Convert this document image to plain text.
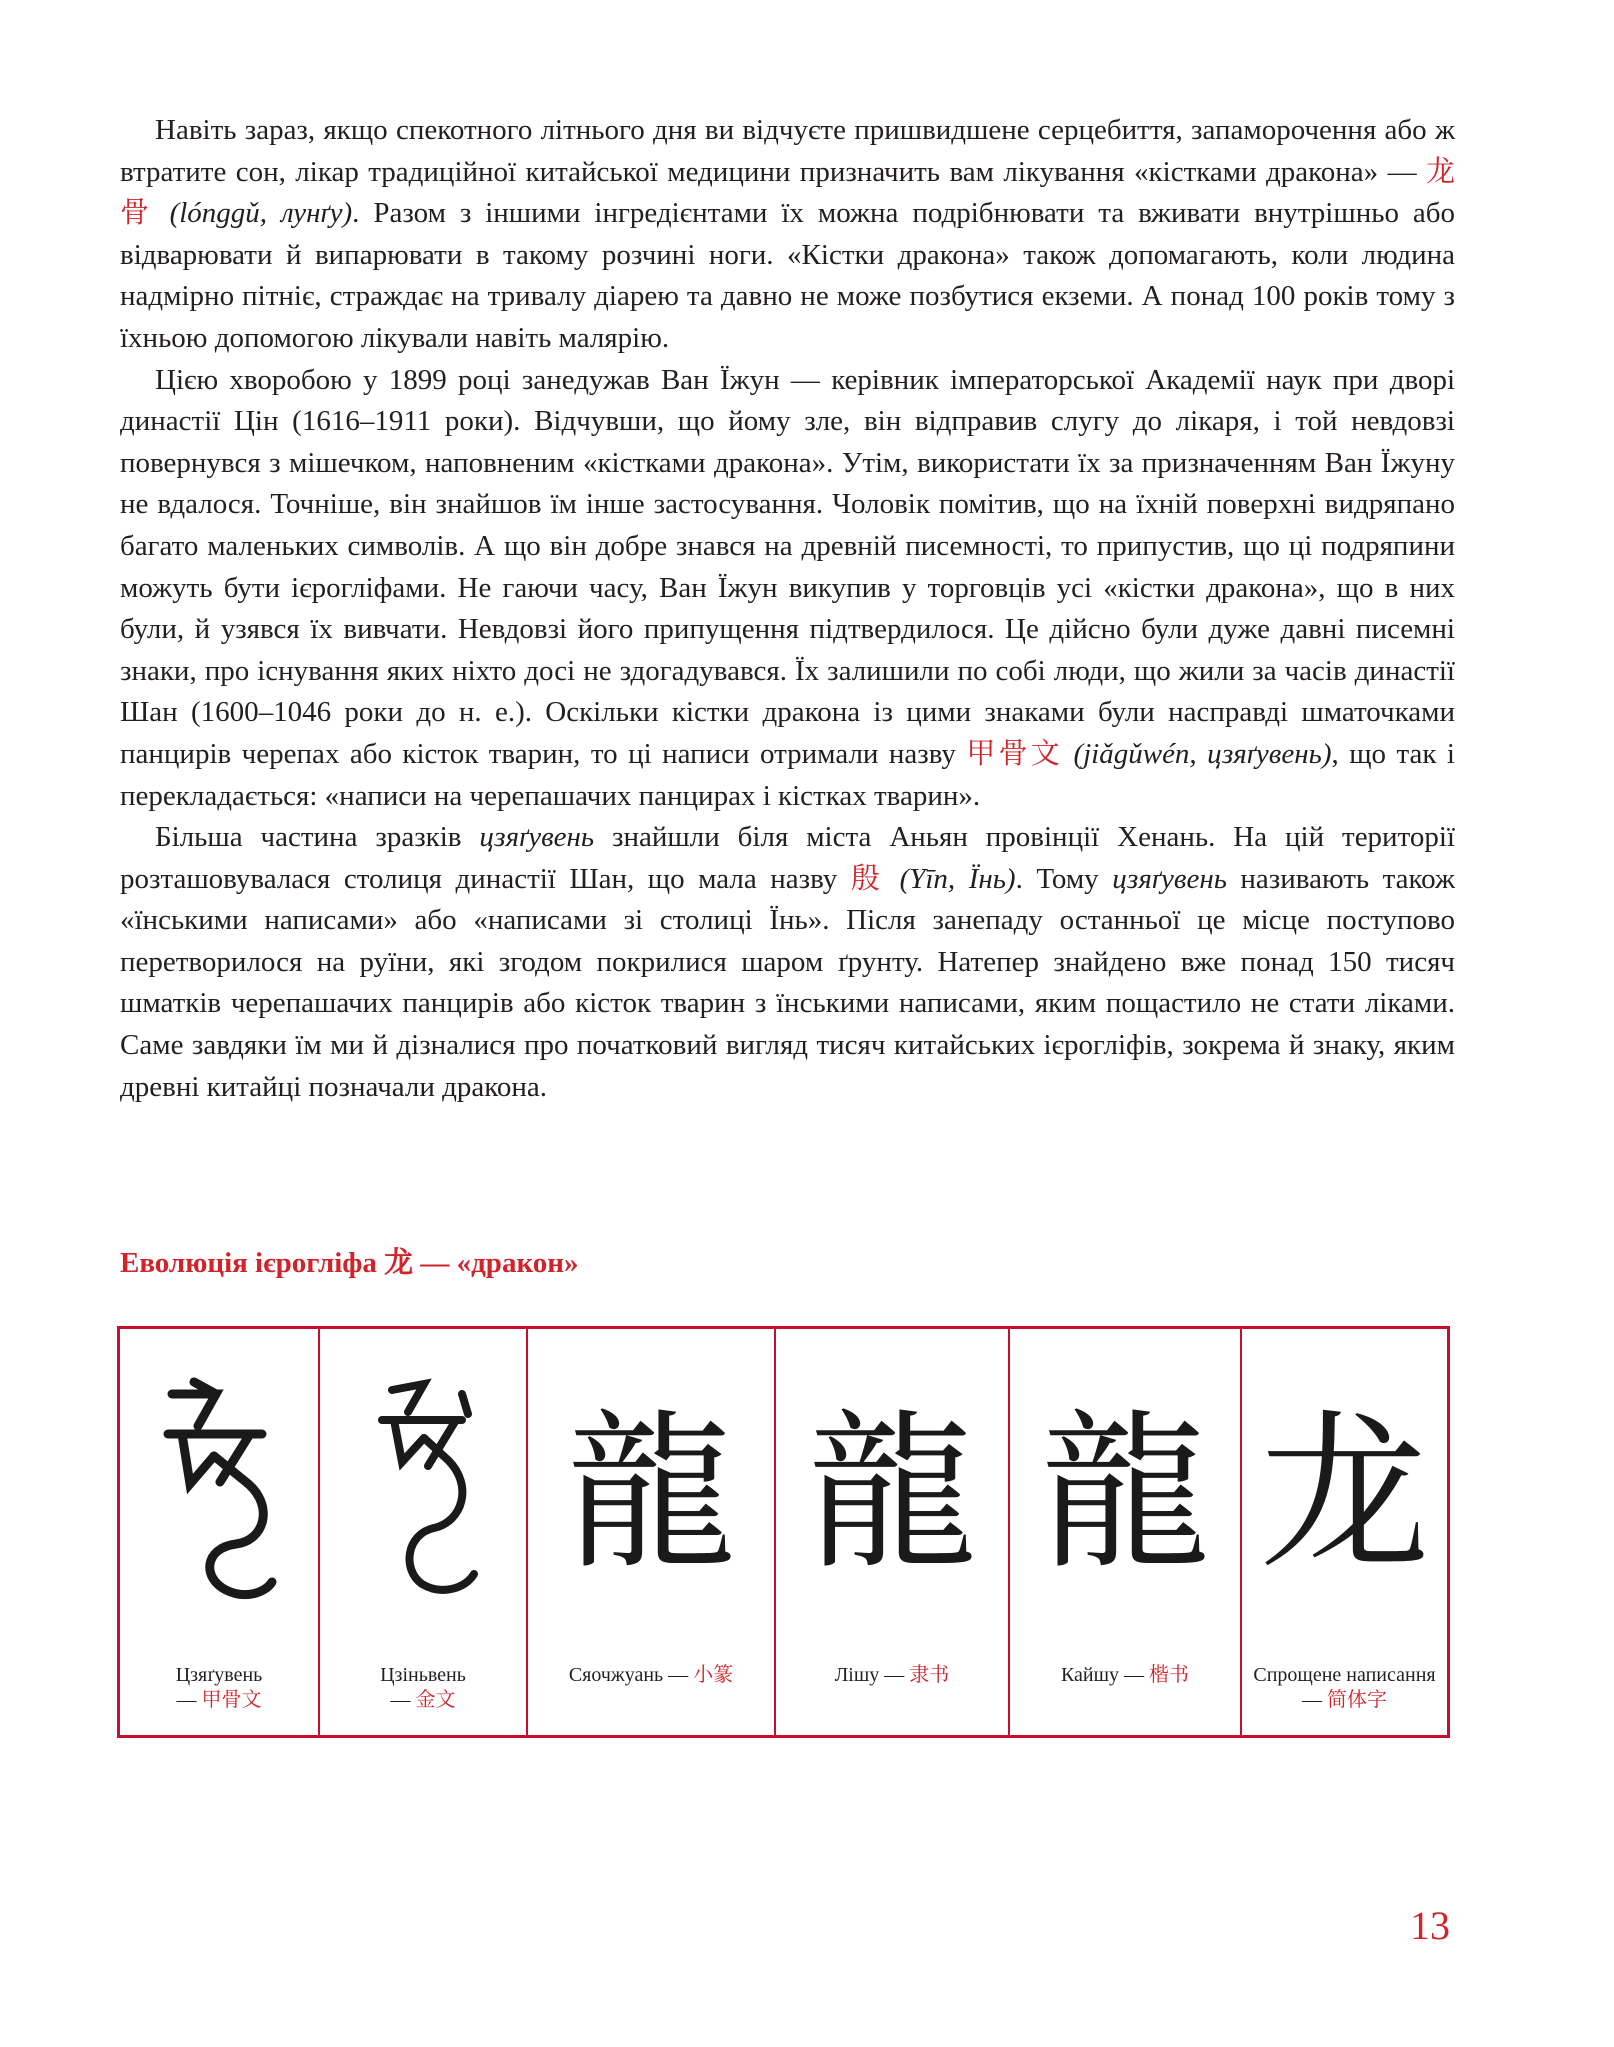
Навіть зараз, якщо спекотного літнього дня ви відчуєте пришвидшене серцебиття, запаморочення або ж втратите сон, лікар традиційної китайської медицини призначить вам лікування «кістками дракона» — 龙骨 (lónggǔ, лунґу). Разом з іншими інгредієнтами їх можна подрібнювати та вживати внутрішньо або відварювати й випарювати в такому розчині ноги. «Кістки дракона» також допомагають, коли людина надмірно пітніє, страждає на тривалу діарею та давно не може позбутися екземи. А понад 100 років тому з їхньою допомогою лікували навіть малярію.

Цією хворобою у 1899 році занедужав Ван Їжун — керівник імператорської Академії наук при дворі династії Цін (1616–1911 роки). Відчувши, що йому зле, він відправив слугу до лікаря, і той невдовзі повернувся з мішечком, наповненим «кістками дракона». Утім, використати їх за призначенням Ван Їжуну не вдалося. Точніше, він знайшов їм інше застосування. Чоловік помітив, що на їхній поверхні видряпано багато маленьких символів. А що він добре знався на древній писемності, то припустив, що ці подряпини можуть бути ієрогліфами. Не гаючи часу, Ван Їжун викупив у торговців усі «кістки дракона», що в них були, й узявся їх вивчати. Невдовзі його припущення підтвердилося. Це дійсно були дуже давні писемні знаки, про існування яких ніхто досі не здогадувався. Їх залишили по собі люди, що жили за часів династії Шан (1600–1046 роки до н. е.). Оскільки кістки дракона із цими знаками були насправді шматочками панцирів черепах або кісток тварин, то ці написи отримали назву 甲骨文 (jiǎgǔwén, цзяґувень), що так і перекладається: «написи на черепашачих панцирах і кістках тварин».

Більша частина зразків цзяґувень знайшли біля міста Аньян провінції Хенань. На цій території розташовувалася столиця династії Шан, що мала назву 殷 (Yīn, Їнь). Тому цзяґувень називають також «їнськими написами» або «написами зі столиці Їнь». Після занепаду останньої це місце поступово перетворилося на руїни, які згодом покрилися шаром ґрунту. Натепер знайдено вже понад 150 тисяч шматків черепашачих панцирів або кісток тварин з їнськими написами, яким пощастило не стати ліками. Саме завдяки їм ми й дізналися про початковий вигляд тисяч китайських ієрогліфів, зокрема й знаку, яким древні китайці позначали дракона.

Еволюція ієрогліфа 龙 — «дракон»
Цзяґувень
— 甲骨文
Цзіньвень
— 金文
龍
Сяочжуань — 小篆
龍
Лішу — 隶书
龍
Кайшу — 楷书
龙
Спрощене написання
— 简体字
13
